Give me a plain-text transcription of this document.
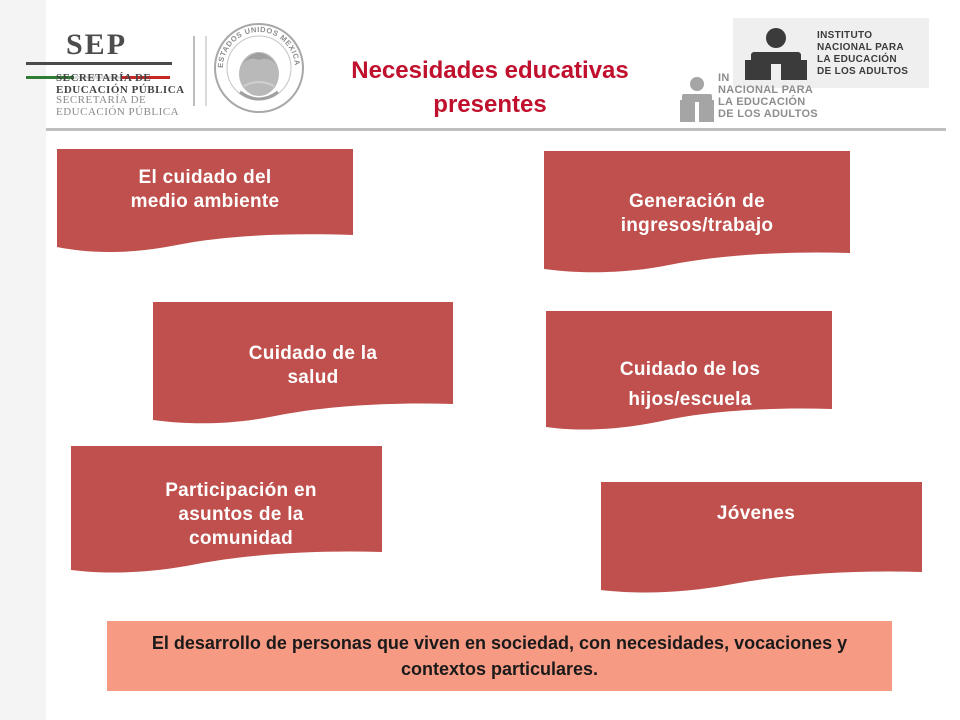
SEP
SECRETARÍA DE
EDUCACIÓN PÚBLICA
SECRETARÍA DE
EDUCACIÓN PÚBLICA
ESTADOS UNIDOS MEXICA	Necesidades educativas
presentes
INSTITUTO
NACIONAL PARA
LA EDUCACIÓN
DE LOS ADULTOS
IN
NACIONAL PARA
LA EDUCACIÓN
DE LOS ADULTOS
El cuidado del
medio ambiente	Generación de
ingresos/trabajo
Cuidado de la
salud	Cuidado de los
hijos/escuela
Participación en
asuntos de la
comunidad
Jóvenes
El desarrollo de personas que viven en sociedad, con necesidades, vocaciones y contextos particulares.
